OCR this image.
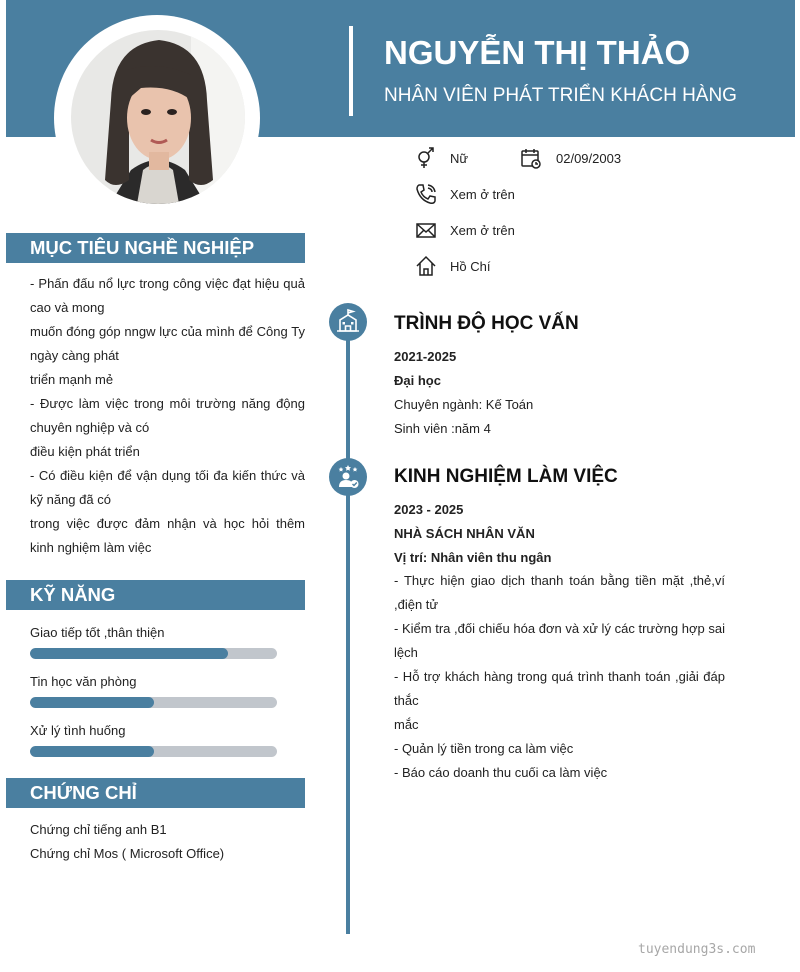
NGUYỄN THỊ THẢO
NHÂN VIÊN PHÁT TRIỂN KHÁCH HÀNG
Nữ	02/09/2003
Xem ở trên
Xem ở trên
Hồ Chí
MỤC TIÊU NGHỀ NGHIỆP

- Phấn đấu nổ lực trong công việc đạt hiệu quả cao và mong

muốn đóng góp nngw lực của mình để Công Ty ngày càng phát

triển mạnh mẻ

- Được làm việc trong môi trường năng động chuyên nghiệp và có

điều kiện phát triển

- Có điều kiện để vận dụng tối đa kiến thức và kỹ năng đã có

trong việc được đảm nhận và học hỏi thêm kinh nghiệm làm việc

KỸ NĂNG
Giao tiếp tốt ,thân thiện
Tin học văn phòng
Xử lý tình huống
CHỨNG CHỈ
Chứng chỉ tiếng anh B1
Chứng chỉ Mos ( Microsoft Office)
TRÌNH ĐỘ HỌC VẤN
2021-2025
Đại học
Chuyên ngành: Kế Toán
Sinh viên :năm 4
KINH NGHIỆM LÀM VIỆC
2023 - 2025
NHÀ SÁCH NHÂN VĂN
Vị trí: Nhân viên thu ngân

- Thực hiện giao dịch thanh toán bằng tiền mặt ,thẻ,ví ,điện tử

- Kiểm tra ,đối chiếu hóa đơn và xử lý các trường hợp sai lệch

- Hỗ trợ khách hàng trong quá trình thanh toán ,giải đáp thắc

mắc

- Quản lý tiền trong ca làm việc

- Báo cáo doanh thu cuối ca làm việc

tuyendung3s.com
